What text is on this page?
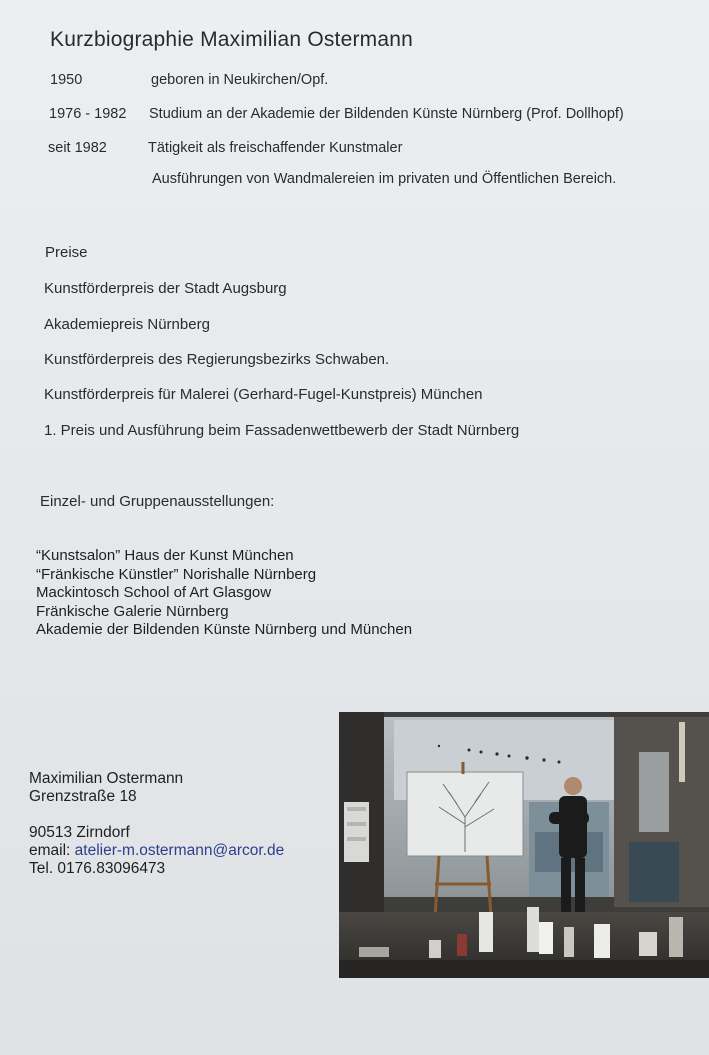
Kurzbiographie Maximilian Ostermann
1950	geboren in Neukirchen/Opf.
1976 - 1982 Studium an der Akademie der Bildenden Künste Nürnberg (Prof. Dollhopf)
seit 1982	Tätigkeit als freischaffender Kunstmaler
Ausführungen von Wandmalereien im privaten und Öffentlichen Bereich.
Preise
Kunstförderpreis der Stadt Augsburg
Akademiepreis Nürnberg
Kunstförderpreis des Regierungsbezirks Schwaben.
Kunstförderpreis für Malerei (Gerhard-Fugel-Kunstpreis) München
1. Preis und Ausführung beim Fassadenwettbewerb der Stadt Nürnberg
Einzel- und Gruppenausstellungen:
“Kunstsalon” Haus der Kunst München
“Fränkische Künstler” Norishalle Nürnberg
Mackintosch School of Art Glasgow
Fränkische Galerie Nürnberg
Akademie der Bildenden Künste Nürnberg und München
Maximilian Ostermann
Grenzstraße 18
90513 Zirndorf
email: atelier-m.ostermann@arcor.de
Tel. 0176.83096473
